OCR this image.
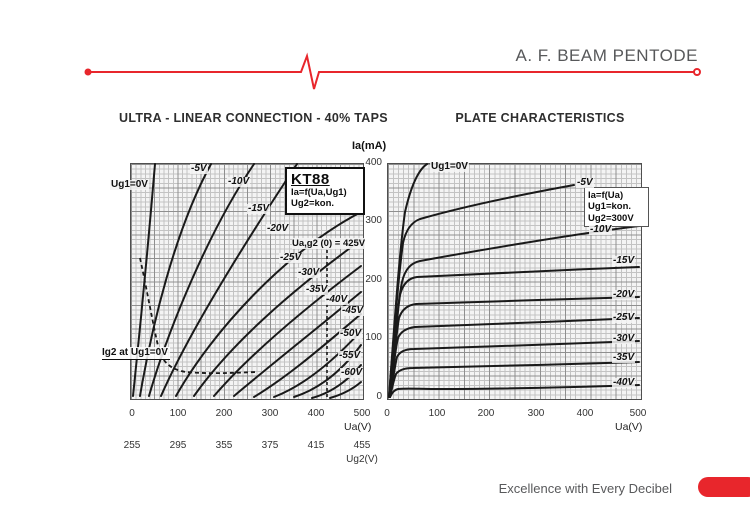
A. F. BEAM PENTODE
ULTRA - LINEAR CONNECTION - 40% TAPS	PLATE CHARACTERISTICS
Ia(mA)
400
300
200
100
0
KT88
Ia=f(Ua,Ug1)
Ug2=kon.
Ia=f(Ua)
Ug1=kon.
Ug2=300V
Ug1=0V
-5V
-10V
-15V
-20V
-25V
-30V
-35V
-40V
-45V
-50V
-55V
-60V
Ua,g2 (0) = 425V
Ig2 at Ug1=0V
Ug1=0V
-5V
-10V
-15V
-20V
-25V
-30V
-35V
-40V
0	100	200	300	400	500
Ua(V)
255	295	355	375	415	455
Ug2(V)
0	100	200	300	400	500
Ua(V)
Excellence with Every Decibel
